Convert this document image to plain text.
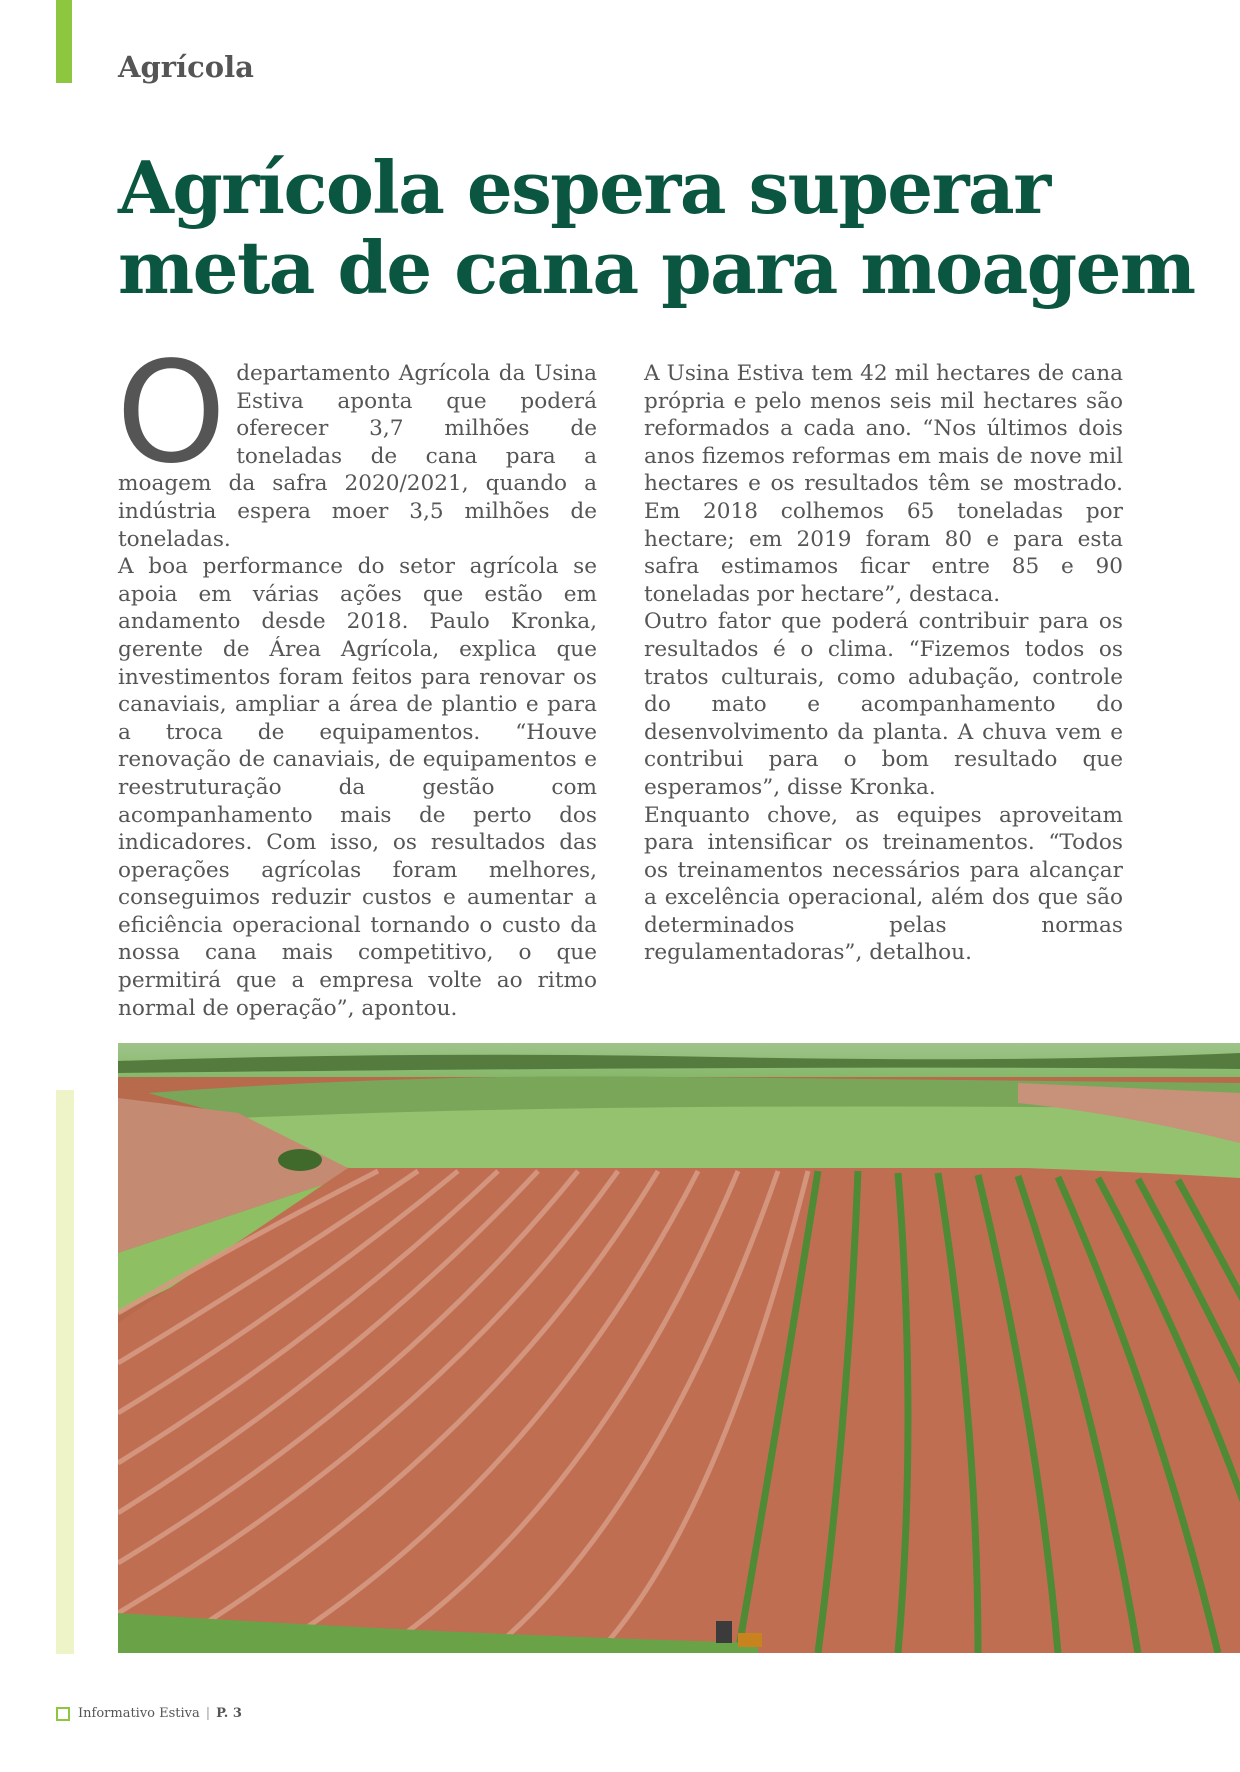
Agrícola
Agrícola espera superar meta de cana para moagem
O departamento Agrícola da Usina Estiva aponta que poderá oferecer 3,7 milhões de toneladas de cana para a moagem da safra 2020/2021, quando a indústria espera moer 3,5 milhões de toneladas.

A boa performance do setor agrícola se apoia em várias ações que estão em andamento desde 2018. Paulo Kronka, gerente de Área Agrícola, explica que investimentos foram feitos para renovar os canaviais, ampliar a área de plantio e para a troca de equipamentos. “Houve renovação de canaviais, de equipamentos e reestruturação da gestão com acompanhamento mais de perto dos indicadores. Com isso, os resultados das operações agrícolas foram melhores, conseguimos reduzir custos e aumentar a eficiência operacional tornando o custo da nossa cana mais competitivo, o que permitirá que a empresa volte ao ritmo normal de operação”, apontou.

A Usina Estiva tem 42 mil hectares de cana própria e pelo menos seis mil hectares são reformados a cada ano. “Nos últimos dois anos fizemos reformas em mais de nove mil hectares e os resultados têm se mostrado. Em 2018 colhemos 65 toneladas por hectare; em 2019 foram 80 e para esta safra estimamos ficar entre 85 e 90 toneladas por hectare”, destaca.

Outro fator que poderá contribuir para os resultados é o clima. “Fizemos todos os tratos culturais, como adubação, controle do mato e acompanhamento do desenvolvimento da planta. A chuva vem e contribui para o bom resultado que esperamos”, disse Kronka.

Enquanto chove, as equipes aproveitam para intensificar os treinamentos. “Todos os treinamentos necessários para alcançar a excelência operacional, além dos que são determinados pelas normas regulamentadoras”, detalhou.

Informativo Estiva | P. 3
